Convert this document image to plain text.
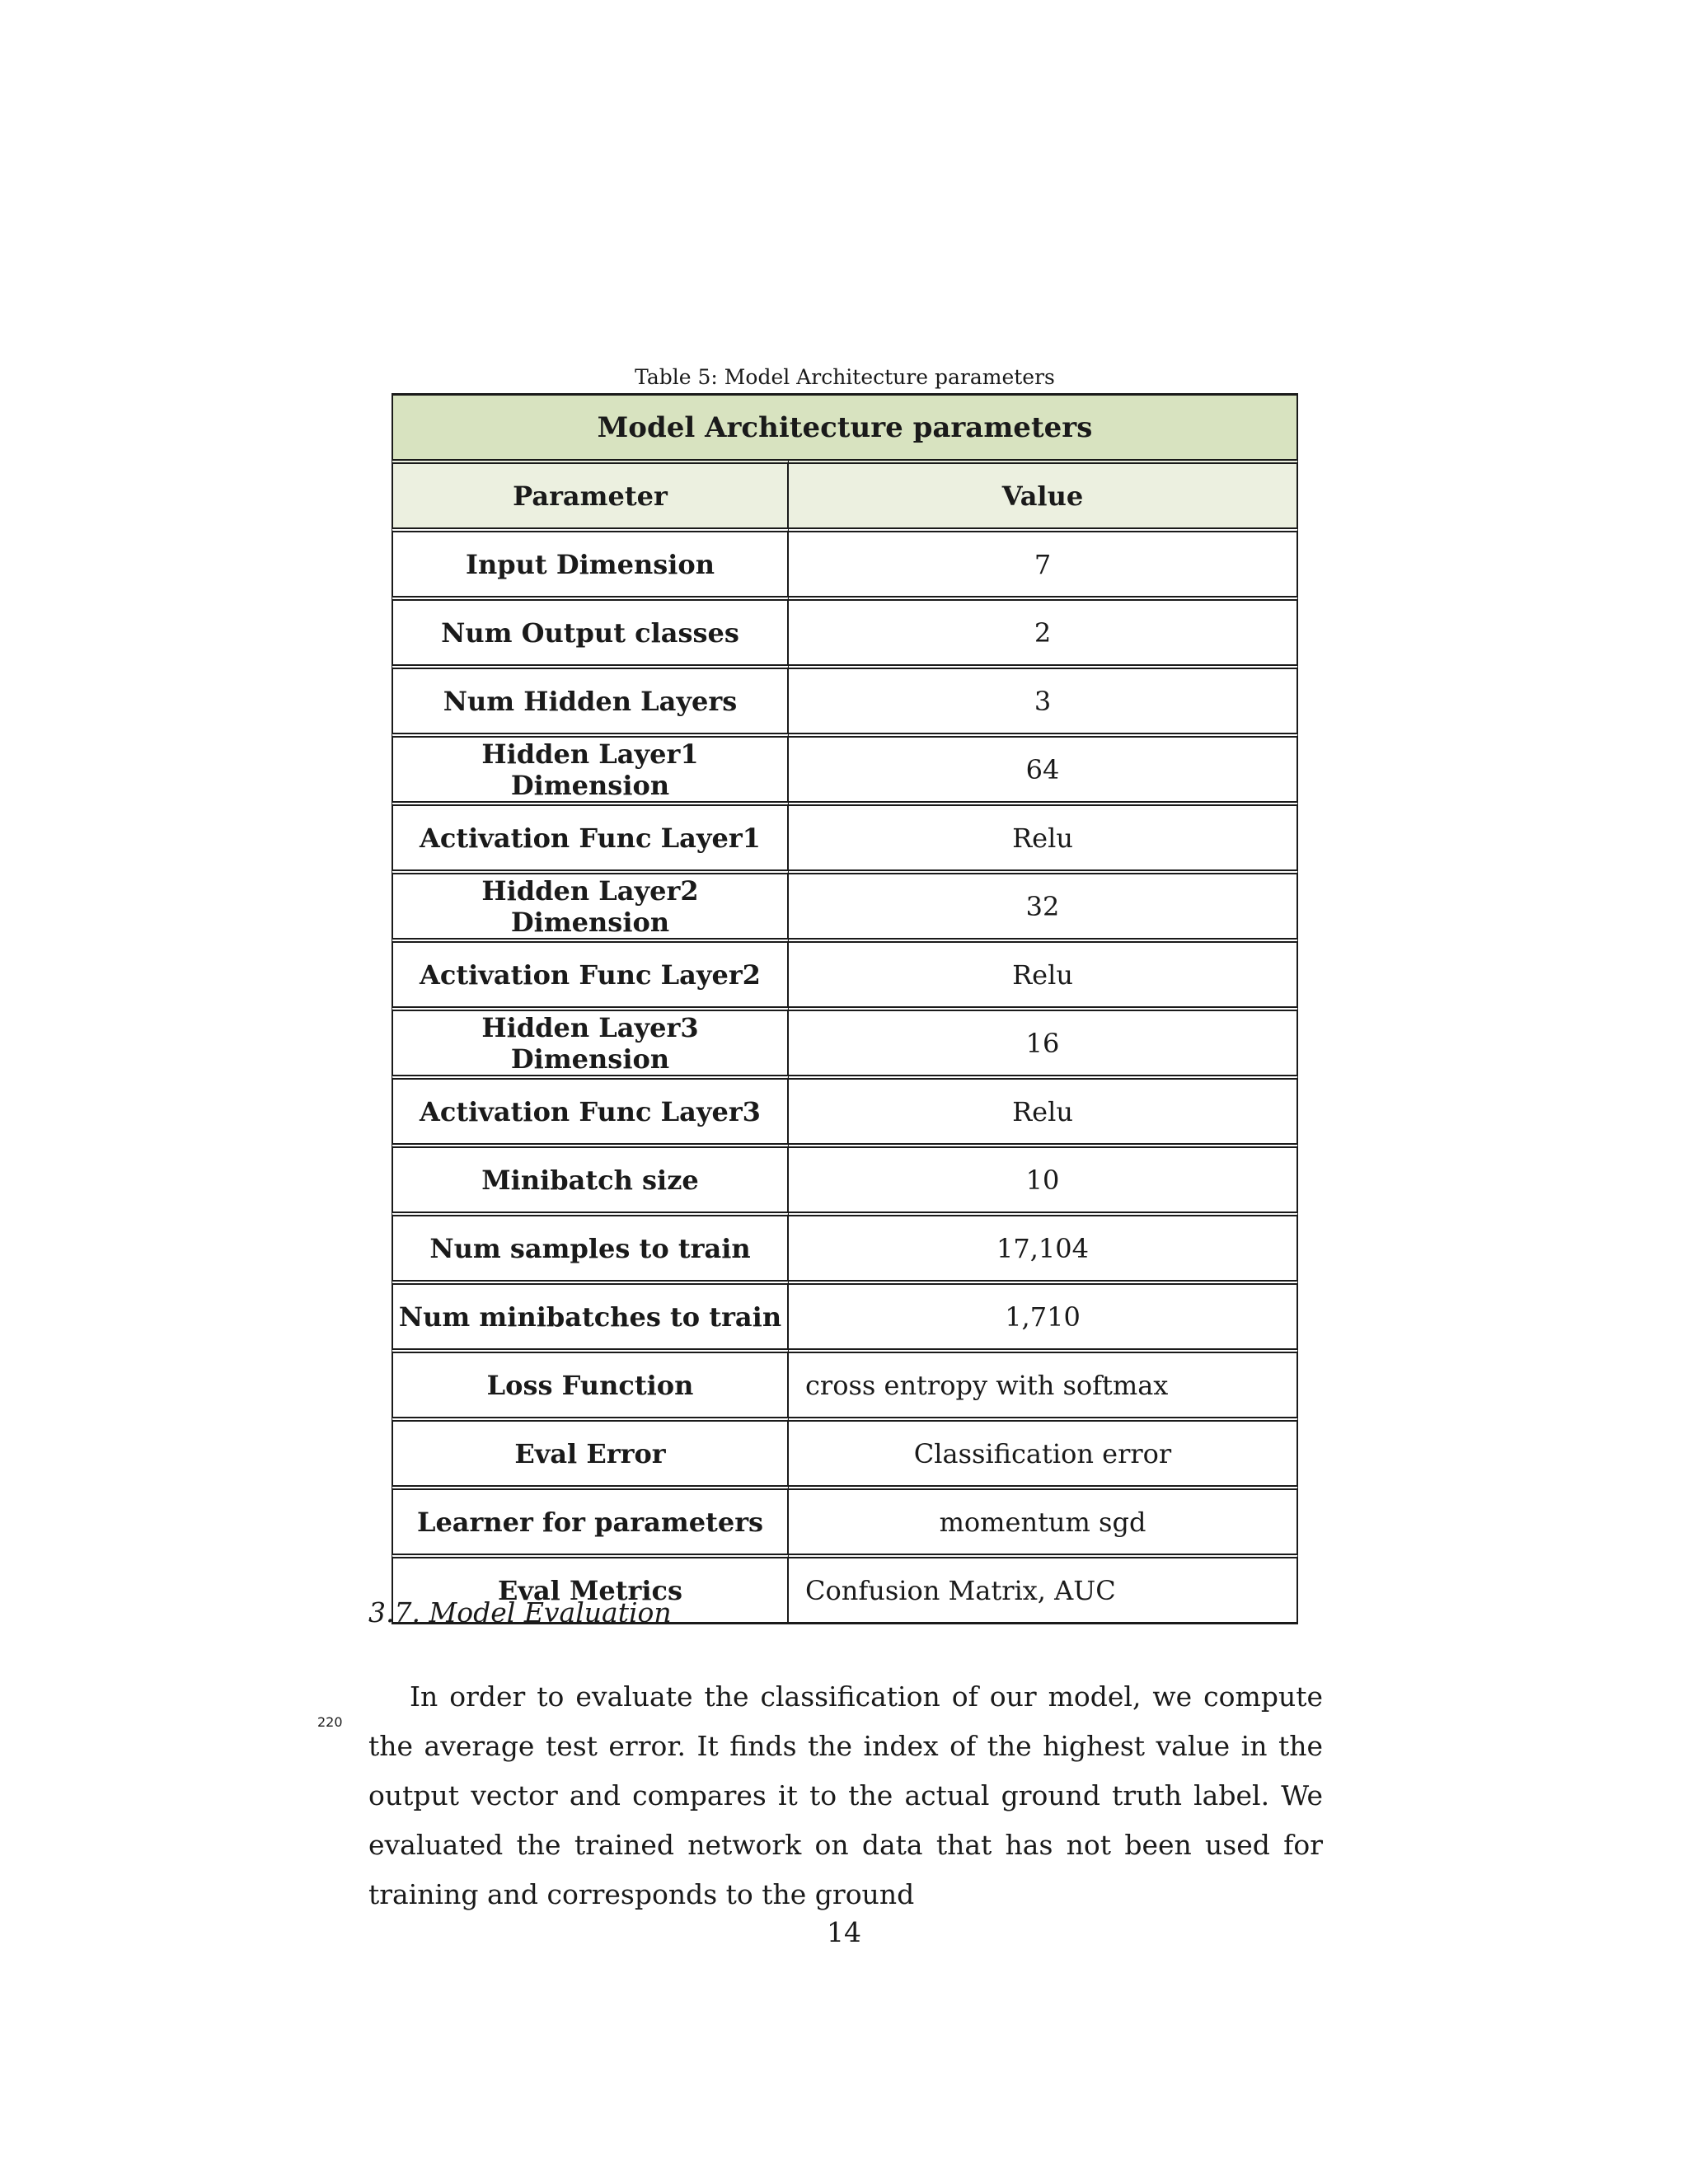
Table 5: Model Architecture parameters
Model Architecture parameters	
Parameter	Value
Input Dimension	7
Num Output classes	2
Num Hidden Layers	3
Hidden Layer1 Dimension	64
Activation Func Layer1	Relu
Hidden Layer2 Dimension	32
Activation Func Layer2	Relu
Hidden Layer3 Dimension	16
Activation Func Layer3	Relu
Minibatch size	10
Num samples to train	17,104
Num minibatches to train	1,710
Loss Function	cross entropy with softmax
Eval Error	Classification error
Learner for parameters	momentum sgd
Eval Metrics	Confusion Matrix, AUC
3.7. Model Evaluation
220

In order to evaluate the classification of our model, we compute the average test error. It finds the index of the highest value in the output vector and compares it to the actual ground truth label. We evaluated the trained network on data that has not been used for training and corresponds to the ground

14
